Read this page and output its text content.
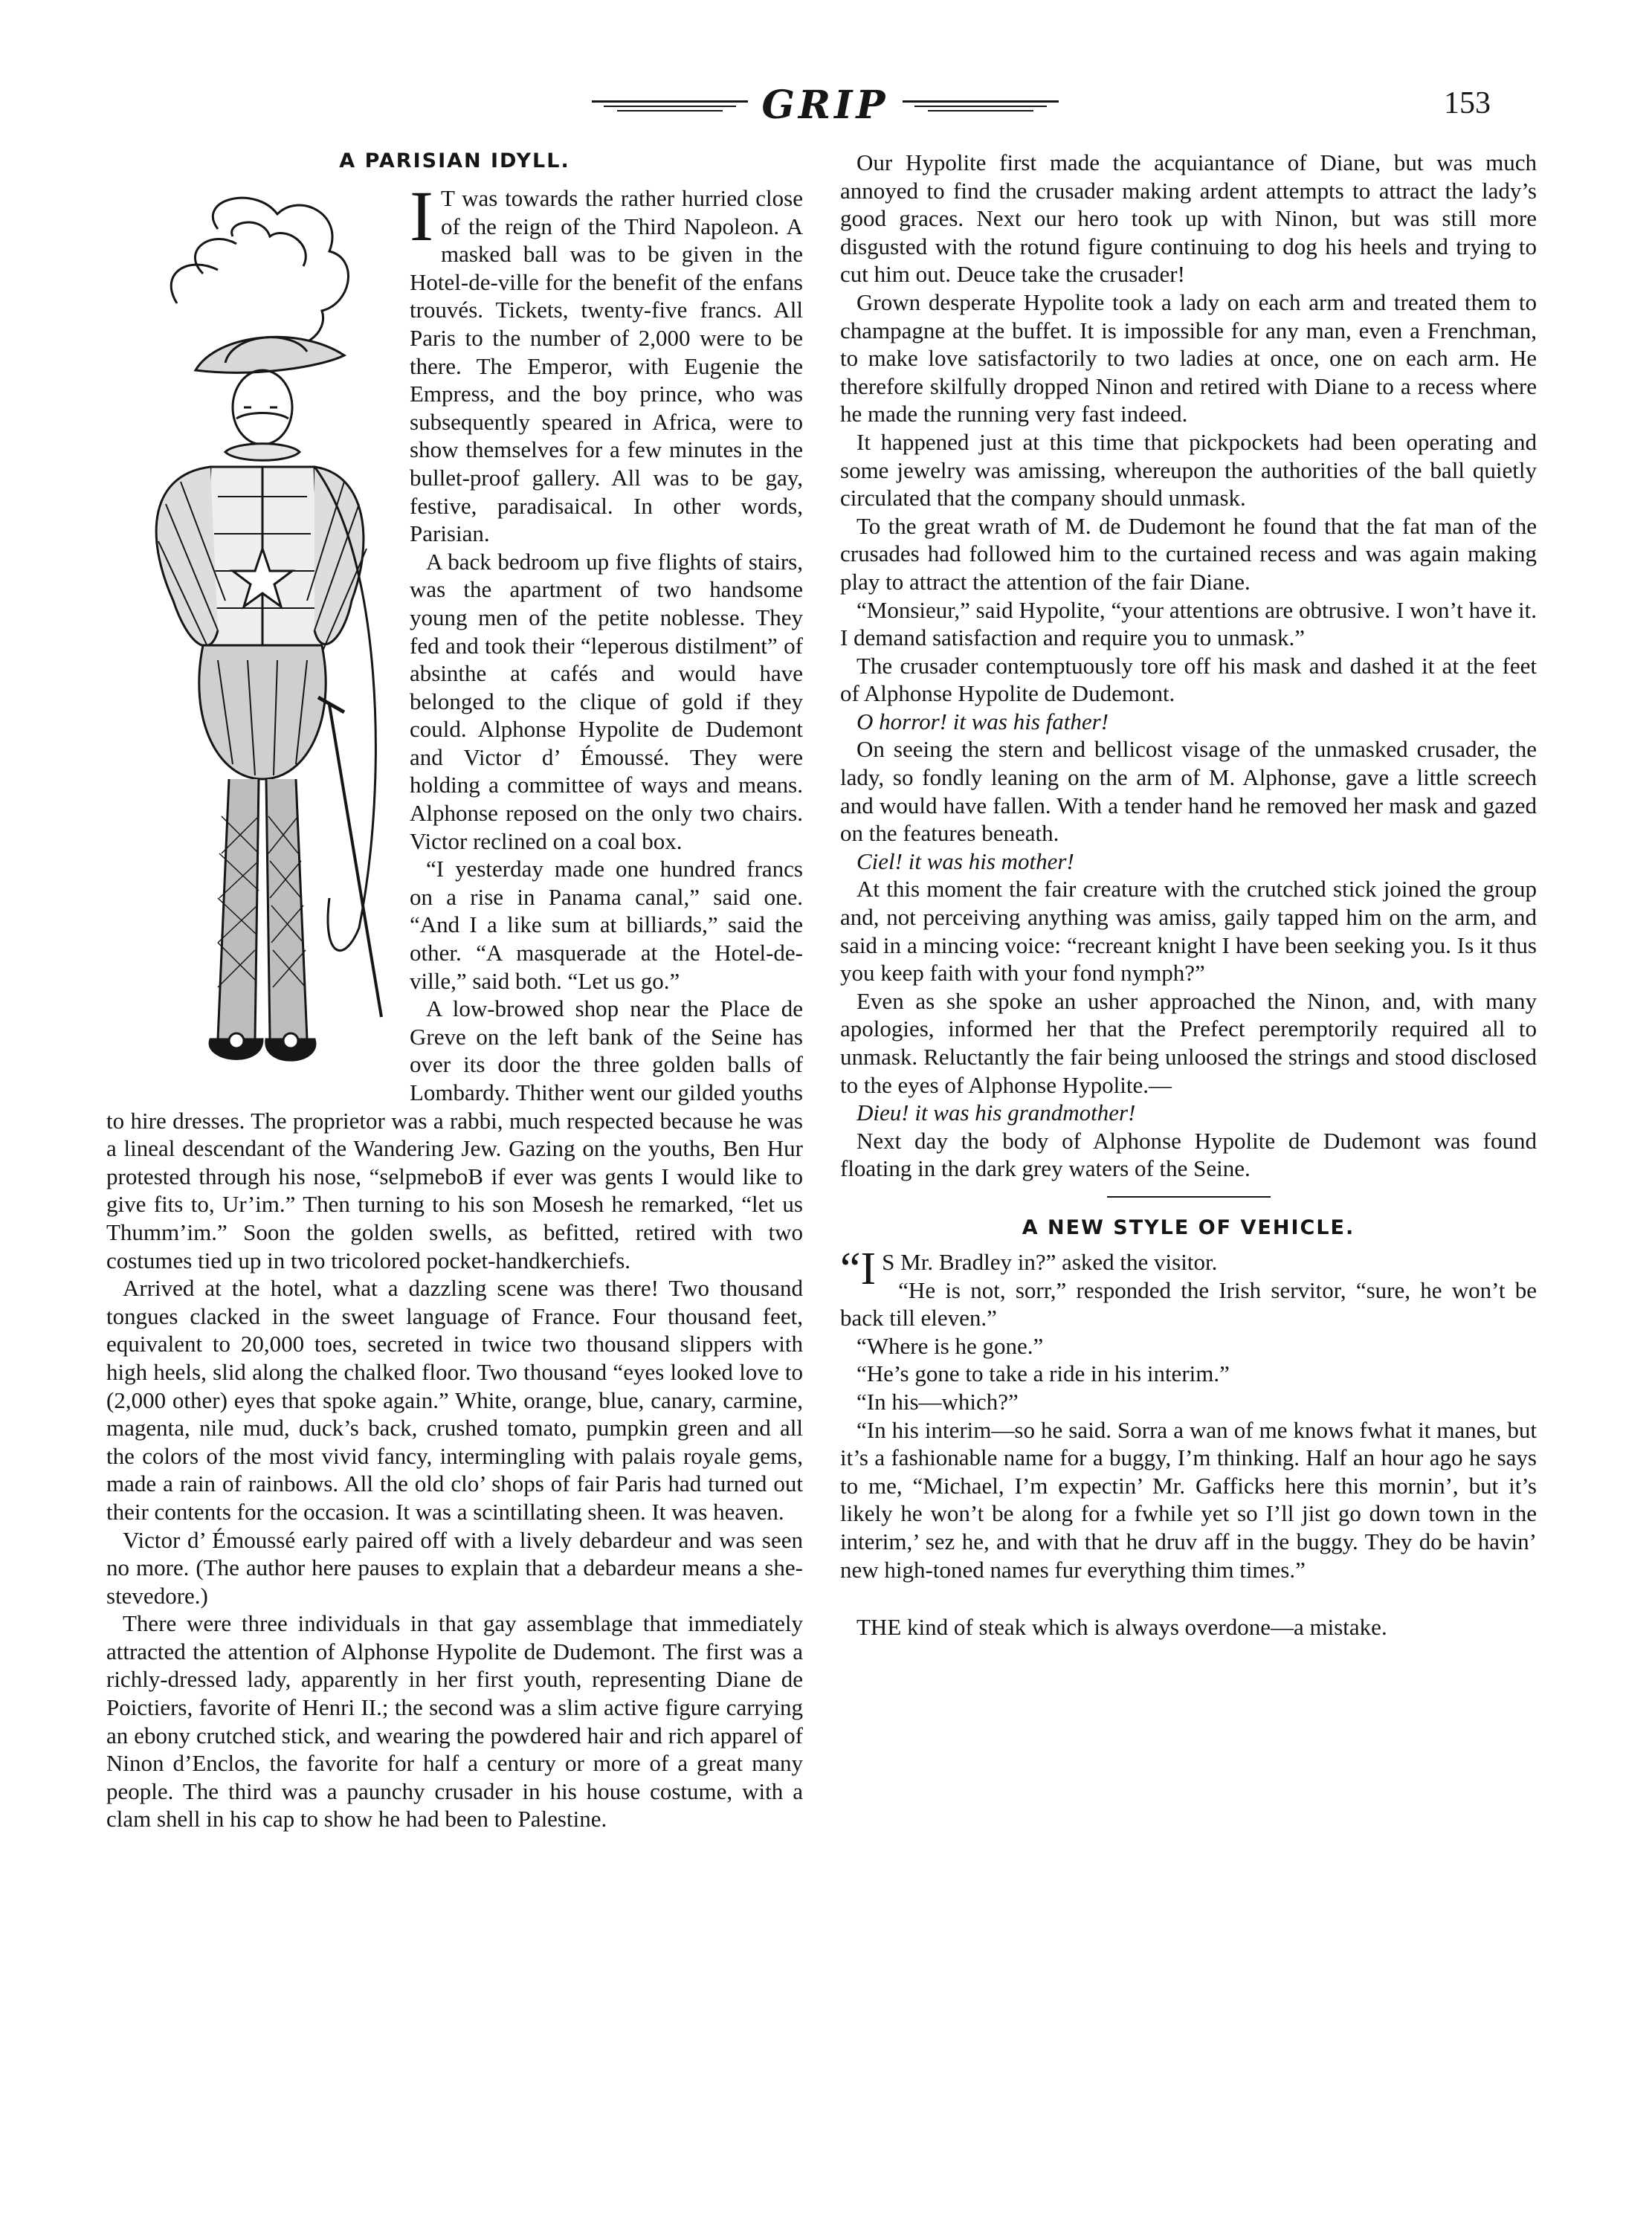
GRIP	153
A PARISIAN IDYLL.
I T was towards the rather hurried close of the reign of the Third Napoleon. A masked ball was to be given in the Hotel-de-ville for the benefit of the enfans trouvés. Tickets, twenty-five francs. All Paris to the number of 2,000 were to be there. The Emperor, with Eugenie the Empress, and the boy prince, who was subsequently speared in Africa, were to show themselves for a few minutes in the bullet-proof gallery. All was to be gay, festive, paradisaical. In other words, Parisian.

A back bedroom up five flights of stairs, was the apartment of two handsome young men of the petite noblesse. They fed and took their “leperous distilment” of absinthe at cafés and would have belonged to the clique of gold if they could. Alphonse Hypolite de Dudemont and Victor d’ Émoussé. They were holding a committee of ways and means. Alphonse reposed on the only two chairs. Victor reclined on a coal box.

“I yesterday made one hundred francs on a rise in Panama canal,” said one. “And I a like sum at billiards,” said the other. “A masquerade at the Hotel-de-ville,” said both. “Let us go.”

A low-browed shop near the Place de Greve on the left bank of the Seine has over its door the three golden balls of Lombardy. Thither went our gilded youths to hire dresses. The proprietor was a rabbi, much respected because he was a lineal descendant of the Wandering Jew. Gazing on the youths, Ben Hur protested through his nose, “selpmeboB if ever was gents I would like to give fits to, Ur’im.” Then turning to his son Mosesh he remarked, “let us Thumm’im.” Soon the golden swells, as befitted, retired with two costumes tied up in two tricolored pocket-handkerchiefs.

Arrived at the hotel, what a dazzling scene was there! Two thousand tongues clacked in the sweet language of France. Four thousand feet, equivalent to 20,000 toes, secreted in twice two thousand slippers with high heels, slid along the chalked floor. Two thousand “eyes looked love to (2,000 other) eyes that spoke again.” White, orange, blue, canary, carmine, magenta, nile mud, duck’s back, crushed tomato, pumpkin green and all the colors of the most vivid fancy, intermingling with palais royale gems, made a rain of rainbows. All the old clo’ shops of fair Paris had turned out their contents for the occasion. It was a scintillating sheen. It was heaven.

Victor d’ Émoussé early paired off with a lively debardeur and was seen no more. (The author here pauses to explain that a debardeur means a she-stevedore.)

There were three individuals in that gay assemblage that immediately attracted the attention of Alphonse Hypolite de Dudemont. The first was a richly-dressed lady, apparently in her first youth, representing Diane de Poictiers, favorite of Henri II.; the second was a slim active figure carrying an ebony crutched stick, and wearing the powdered hair and rich apparel of Ninon d’Enclos, the favorite for half a century or more of a great many people. The third was a paunchy crusader in his house costume, with a clam shell in his cap to show he had been to Palestine.

Our Hypolite first made the acquiantance of Diane, but was much annoyed to find the crusader making ardent attempts to attract the lady’s good graces. Next our hero took up with Ninon, but was still more disgusted with the rotund figure continuing to dog his heels and trying to cut him out. Deuce take the crusader!

Grown desperate Hypolite took a lady on each arm and treated them to champagne at the buffet. It is impossible for any man, even a Frenchman, to make love satisfactorily to two ladies at once, one on each arm. He therefore skilfully dropped Ninon and retired with Diane to a recess where he made the running very fast indeed.

It happened just at this time that pickpockets had been operating and some jewelry was amissing, whereupon the authorities of the ball quietly circulated that the company should unmask.

To the great wrath of M. de Dudemont he found that the fat man of the crusades had followed him to the curtained recess and was again making play to attract the attention of the fair Diane.

“Monsieur,” said Hypolite, “your attentions are obtrusive. I won’t have it. I demand satisfaction and require you to unmask.”

The crusader contemptuously tore off his mask and dashed it at the feet of Alphonse Hypolite de Dudemont.

O horror! it was his father!

On seeing the stern and bellicost visage of the unmasked crusader, the lady, so fondly leaning on the arm of M. Alphonse, gave a little screech and would have fallen. With a tender hand he removed her mask and gazed on the features beneath.

Ciel! it was his mother!

At this moment the fair creature with the crutched stick joined the group and, not perceiving anything was amiss, gaily tapped him on the arm, and said in a mincing voice: “recreant knight I have been seeking you. Is it thus you keep faith with your fond nymph?”

Even as she spoke an usher approached the Ninon, and, with many apologies, informed her that the Prefect peremptorily required all to unmask. Reluctantly the fair being unloosed the strings and stood disclosed to the eyes of Alphonse Hypolite.—

Dieu! it was his grandmother!

Next day the body of Alphonse Hypolite de Dudemont was found floating in the dark grey waters of the Seine.

A NEW STYLE OF VEHICLE.
“I S Mr. Bradley in?” asked the visitor.

“He is not, sorr,” responded the Irish servitor, “sure, he won’t be back till eleven.”

“Where is he gone.”

“He’s gone to take a ride in his interim.”

“In his—which?”

“In his interim—so he said. Sorra a wan of me knows fwhat it manes, but it’s a fashionable name for a buggy, I’m thinking. Half an hour ago he says to me, “Michael, I’m expectin’ Mr. Gafficks here this mornin’, but it’s likely he won’t be along for a fwhile yet so I’ll jist go down town in the interim,’ sez he, and with that he druv aff in the buggy. They do be havin’ new high-toned names fur everything thim times.”

THE kind of steak which is always overdone—a mistake.
